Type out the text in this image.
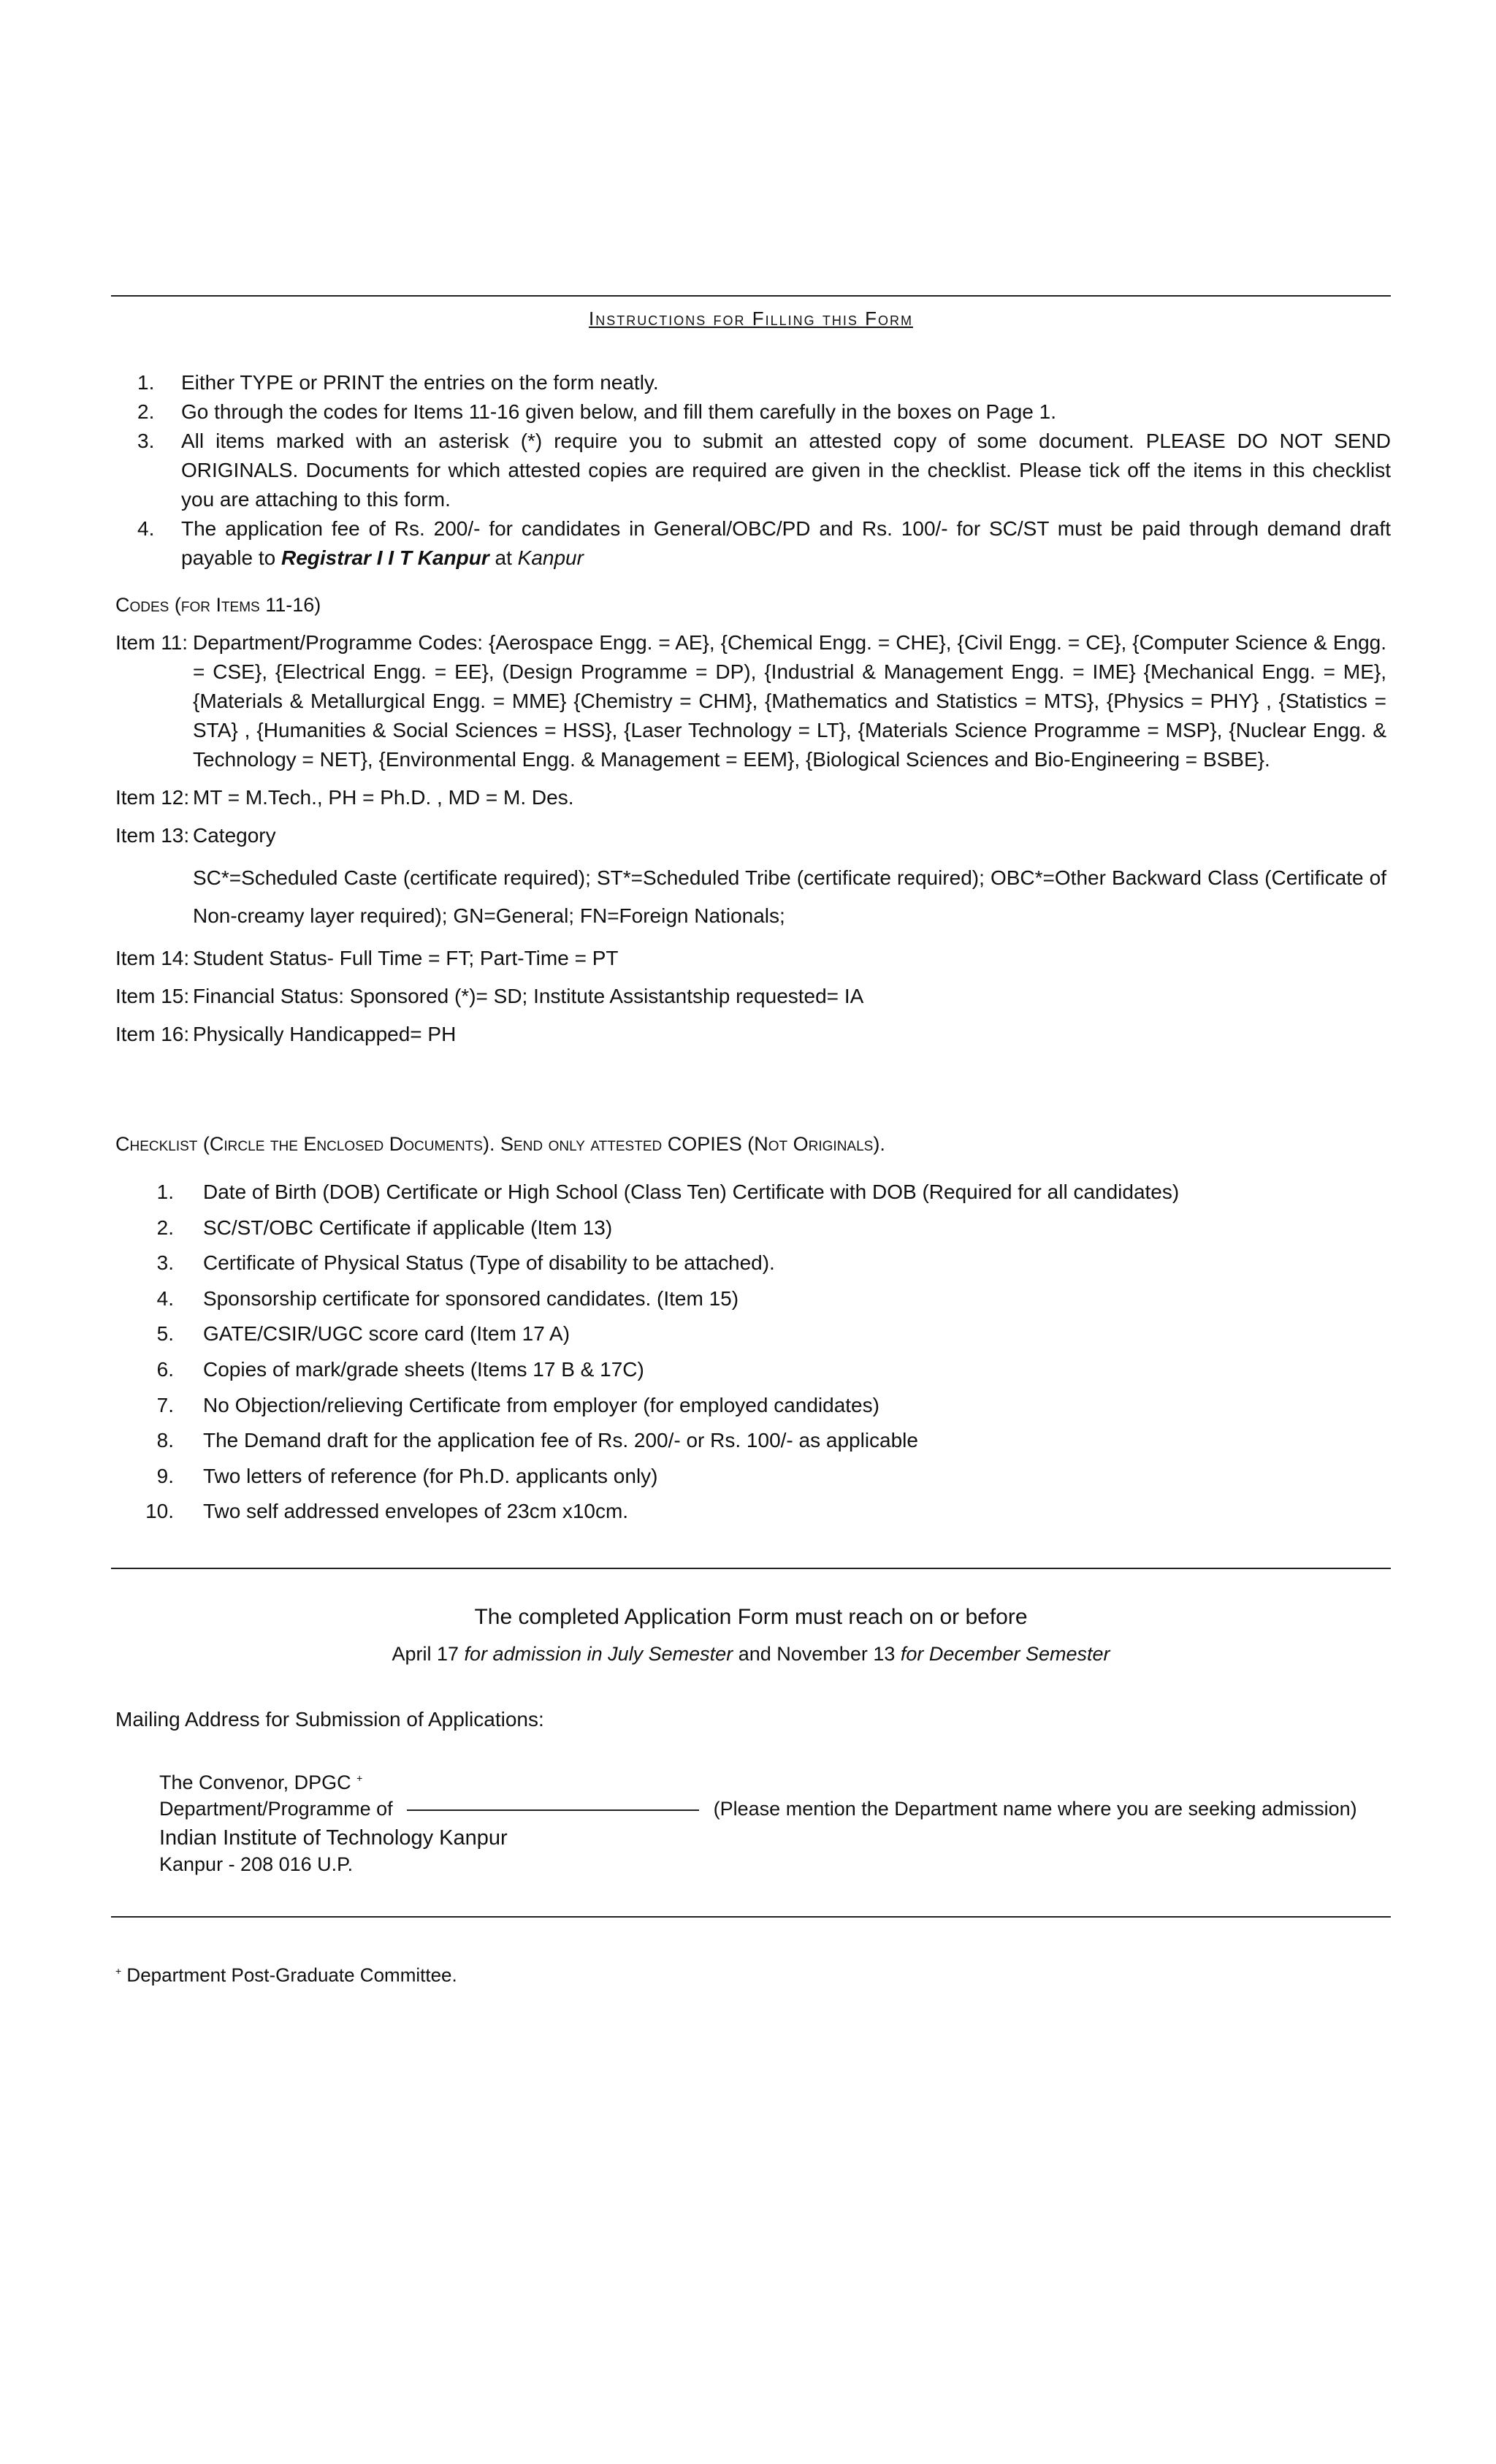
Instructions for Filling this Form
1.	Either TYPE or PRINT the entries on the form neatly.
2.	Go through the codes for Items 11-16 given below, and fill them carefully in the boxes on Page 1.
3.	All items marked with an asterisk (*) require you to submit an attested copy of some document. PLEASE DO NOT SEND ORIGINALS. Documents for which attested copies are required are given in the checklist. Please tick off the items in this checklist you are attaching to this form.
4.	The application fee of Rs. 200/- for candidates in General/OBC/PD and Rs. 100/- for SC/ST must be paid through demand draft payable to Registrar I I T Kanpur at Kanpur
Codes (for Items 11-16)
Item 11: Department/Programme Codes: {Aerospace Engg. = AE}, {Chemical Engg. = CHE}, {Civil Engg. = CE}, {Computer Science & Engg. = CSE}, {Electrical Engg. = EE}, (Design Programme = DP), {Industrial & Management Engg. = IME} {Mechanical Engg. = ME}, {Materials & Metallurgical Engg. = MME} {Chemistry = CHM}, {Mathematics and Statistics = MTS}, {Physics = PHY} , {Statistics = STA} , {Humanities & Social Sciences = HSS}, {Laser Technology = LT}, {Materials Science Programme = MSP}, {Nuclear Engg. & Technology = NET}, {Environmental Engg. & Management = EEM}, {Biological Sciences and Bio-Engineering = BSBE}.
Item 12: MT = M.Tech., PH = Ph.D. , MD = M. Des.
Item 13: Category
SC*=Scheduled Caste (certificate required); ST*=Scheduled Tribe (certificate required); OBC*=Other Backward Class (Certificate of Non-creamy layer required); GN=General; FN=Foreign Nationals;
Item 14: Student Status- Full Time = FT; Part-Time = PT
Item 15: Financial Status: Sponsored (*)= SD; Institute Assistantship requested= IA
Item 16: Physically Handicapped= PH
Checklist (Circle the Enclosed Documents). Send only attested COPIES (Not Originals).
1. Date of Birth (DOB) Certificate or High School (Class Ten) Certificate with DOB (Required for all candidates)
2. SC/ST/OBC Certificate if applicable (Item 13)
3. Certificate of Physical Status (Type of disability to be attached).
4. Sponsorship certificate for sponsored candidates. (Item 15)
5. GATE/CSIR/UGC score card (Item 17 A)
6. Copies of mark/grade sheets (Items 17 B & 17C)
7. No Objection/relieving Certificate from employer (for employed candidates)
8. The Demand draft for the application fee of Rs. 200/- or Rs. 100/- as applicable
9. Two letters of reference (for Ph.D. applicants only)
10. Two self addressed envelopes of 23cm x10cm.
The completed Application Form must reach on or before
April 17 for admission in July Semester and November 13 for December Semester
Mailing Address for Submission of Applications:
The Convenor, DPGC +
Department/Programme of	(Please mention the Department name where you are seeking admission)
Indian Institute of Technology Kanpur
Kanpur - 208 016 U.P.
+ Department Post-Graduate Committee.
